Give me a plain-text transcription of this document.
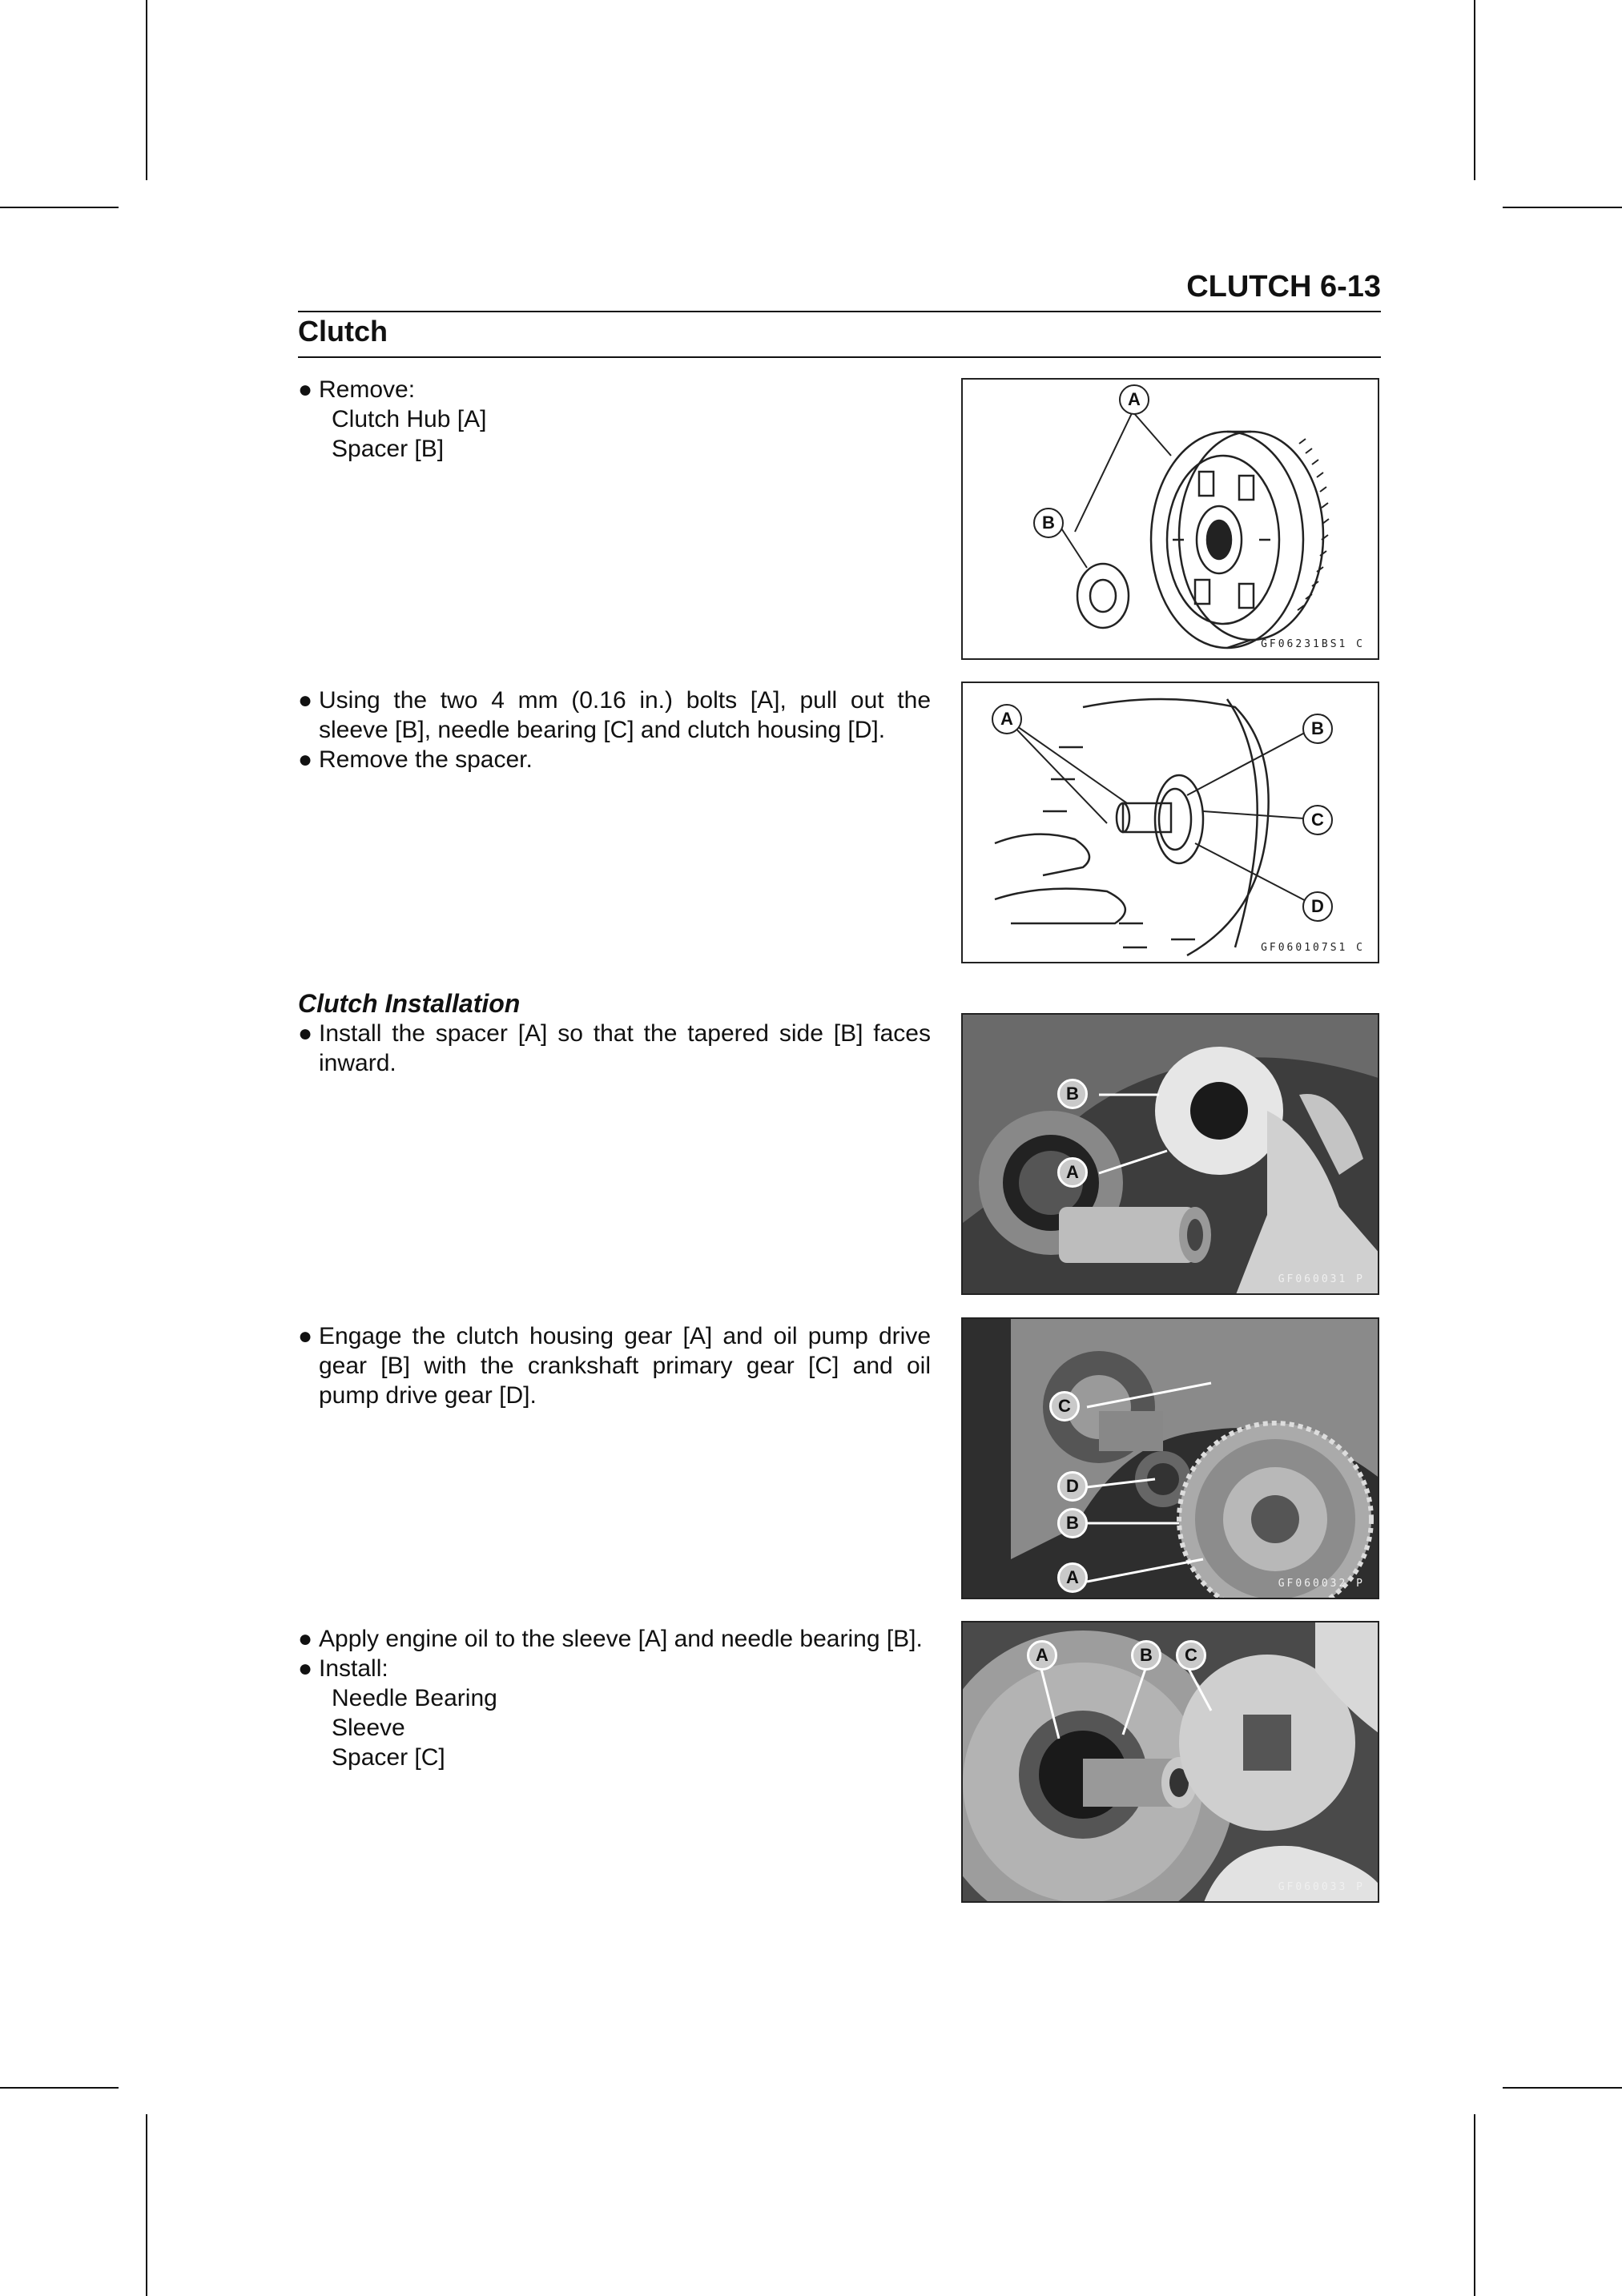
CLUTCH 6-13
Clutch
● Remove:
Clutch Hub [A]
Spacer [B]
● Using the two 4 mm (0.16 in.) bolts [A], pull out the sleeve [B], needle bearing [C] and clutch housing [D].
● Remove the spacer.
Clutch Installation
● Install the spacer [A] so that the tapered side [B] faces inward.
● Engage the clutch housing gear [A] and oil pump drive gear [B] with the crankshaft primary gear [C] and oil pump drive gear [D].
● Apply engine oil to the sleeve [A] and needle bearing [B].
● Install:
Needle Bearing
Sleeve
Spacer [C]
A
B
GF06231BS1 C
A	B
C
D
GF060107S1 C
B
A
GF060031 P
C
D
B
A	GF060032 P
A	B	C
GF060033 P
